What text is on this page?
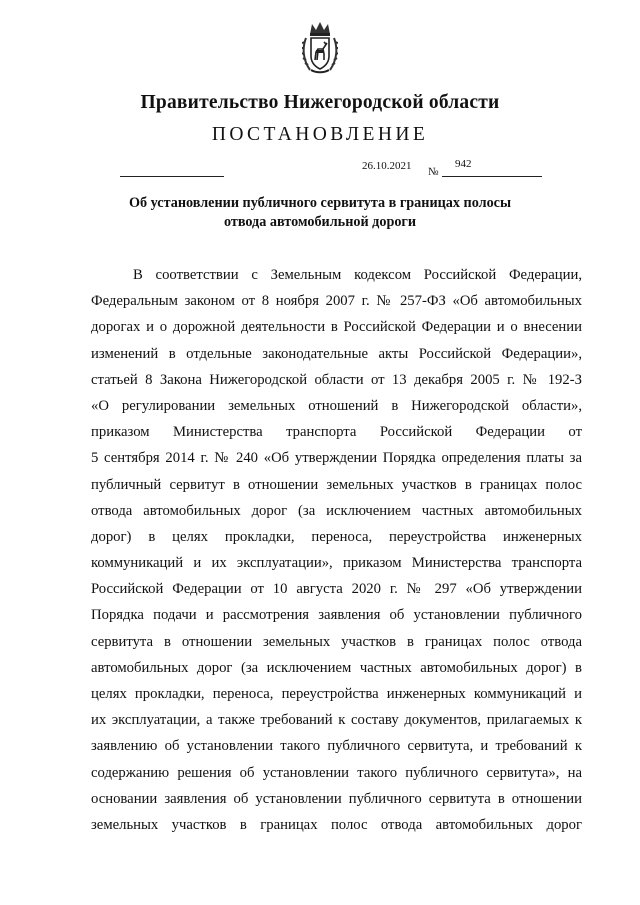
Правительство Нижегородской области
ПОСТАНОВЛЕНИЕ
26.10.2021 №
942
Об установлении публичного сервитута в границах полосы
отвода автомобильной дороги
В соответствии с Земельным кодексом Российской Федерации,
Федеральным законом от 8 ноября 2007 г. № 257-ФЗ «Об автомобильных
дорогах и о дорожной деятельности в Российской Федерации и о внесении
изменений в отдельные законодательные акты Российской Федерации»,
статьей 8 Закона Нижегородской области от 13 декабря 2005 г. № 192-З
«О регулировании земельных отношений в Нижегородской области»,
приказом Министерства транспорта Российской Федерации от
5 сентября 2014 г. № 240 «Об утверждении Порядка определения платы за
публичный сервитут в отношении земельных участков в границах полос
отвода автомобильных дорог (за исключением частных автомобильных
дорог) в целях прокладки, переноса, переустройства инженерных
коммуникаций и их эксплуатации», приказом Министерства транспорта
Российской Федерации от 10 августа 2020 г. № 297 «Об утверждении
Порядка подачи и рассмотрения заявления об установлении публичного
сервитута в отношении земельных участков в границах полос отвода
автомобильных дорог (за исключением частных автомобильных дорог) в
целях прокладки, переноса, переустройства инженерных коммуникаций и
их эксплуатации, а также требований к составу документов, прилагаемых к
заявлению об установлении такого публичного сервитута, и требований к
содержанию решения об установлении такого публичного сервитута», на
основании заявления об установлении публичного сервитута в отношении
земельных участков в границах полос отвода автомобильных дорог
